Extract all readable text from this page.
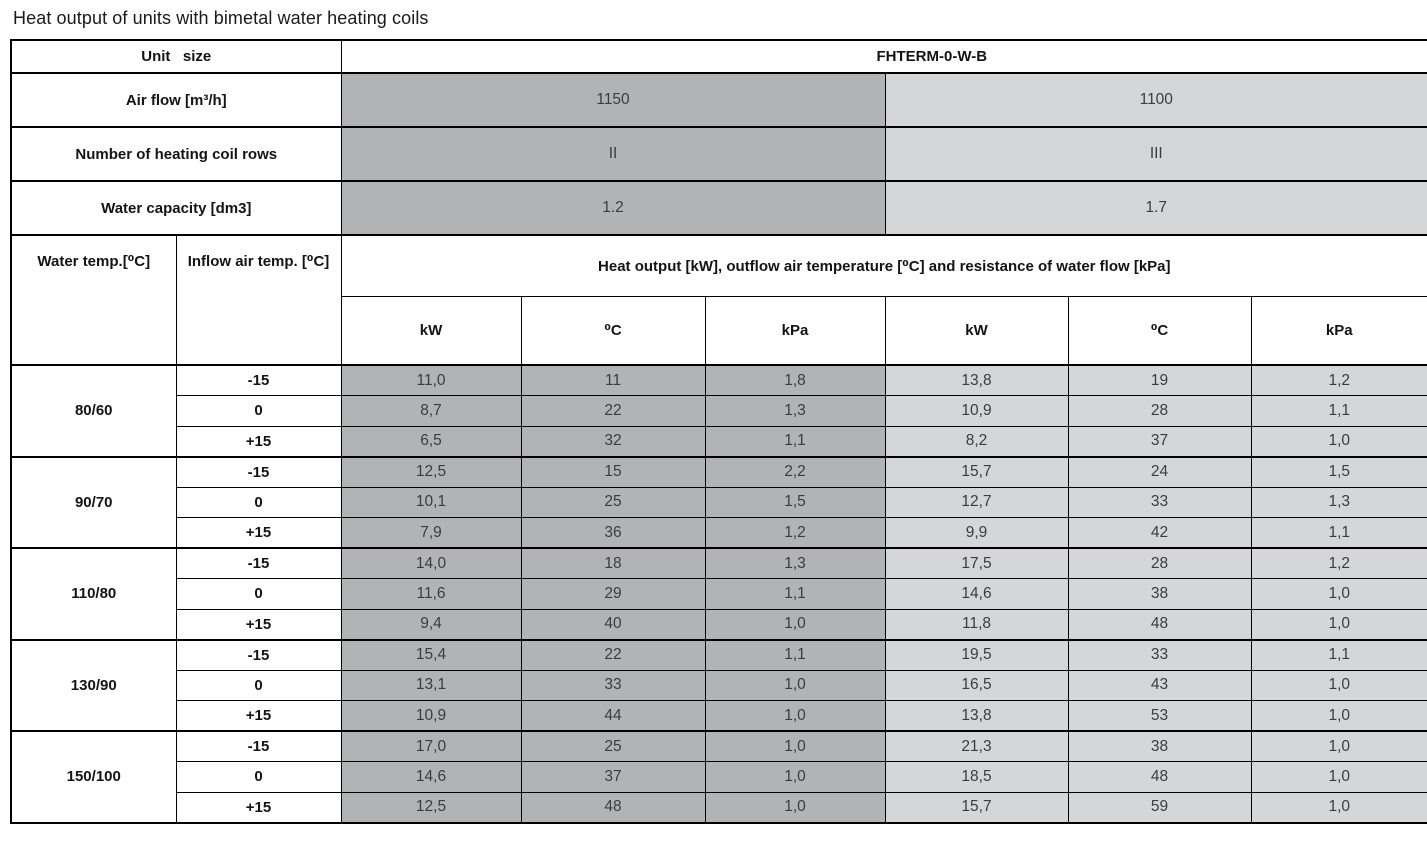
Heat output of units with bimetal water heating coils
Unit   size		FHTERM-0-W-B					
Air flow [m³/h]		1150			1100		
Number of heating coil rows		II			III		
Water capacity [dm3]		1.2			1.7		
Water temp.[⁰C]	Inflow air temp. [⁰C]	Heat output [kW], outflow air temperature [⁰C] and resistance of water flow [kPa]					
		kW	⁰C	kPa	kW	⁰C	kPa
80/60	-15	11,0	11	1,8	13,8	19	1,2
	0	8,7	22	1,3	10,9	28	1,1
	+15	6,5	32	1,1	8,2	37	1,0
90/70	-15	12,5	15	2,2	15,7	24	1,5
	0	10,1	25	1,5	12,7	33	1,3
	+15	7,9	36	1,2	9,9	42	1,1
110/80	-15	14,0	18	1,3	17,5	28	1,2
	0	11,6	29	1,1	14,6	38	1,0
	+15	9,4	40	1,0	11,8	48	1,0
130/90	-15	15,4	22	1,1	19,5	33	1,1
	0	13,1	33	1,0	16,5	43	1,0
	+15	10,9	44	1,0	13,8	53	1,0
150/100	-15	17,0	25	1,0	21,3	38	1,0
	0	14,6	37	1,0	18,5	48	1,0
	+15	12,5	48	1,0	15,7	59	1,0
